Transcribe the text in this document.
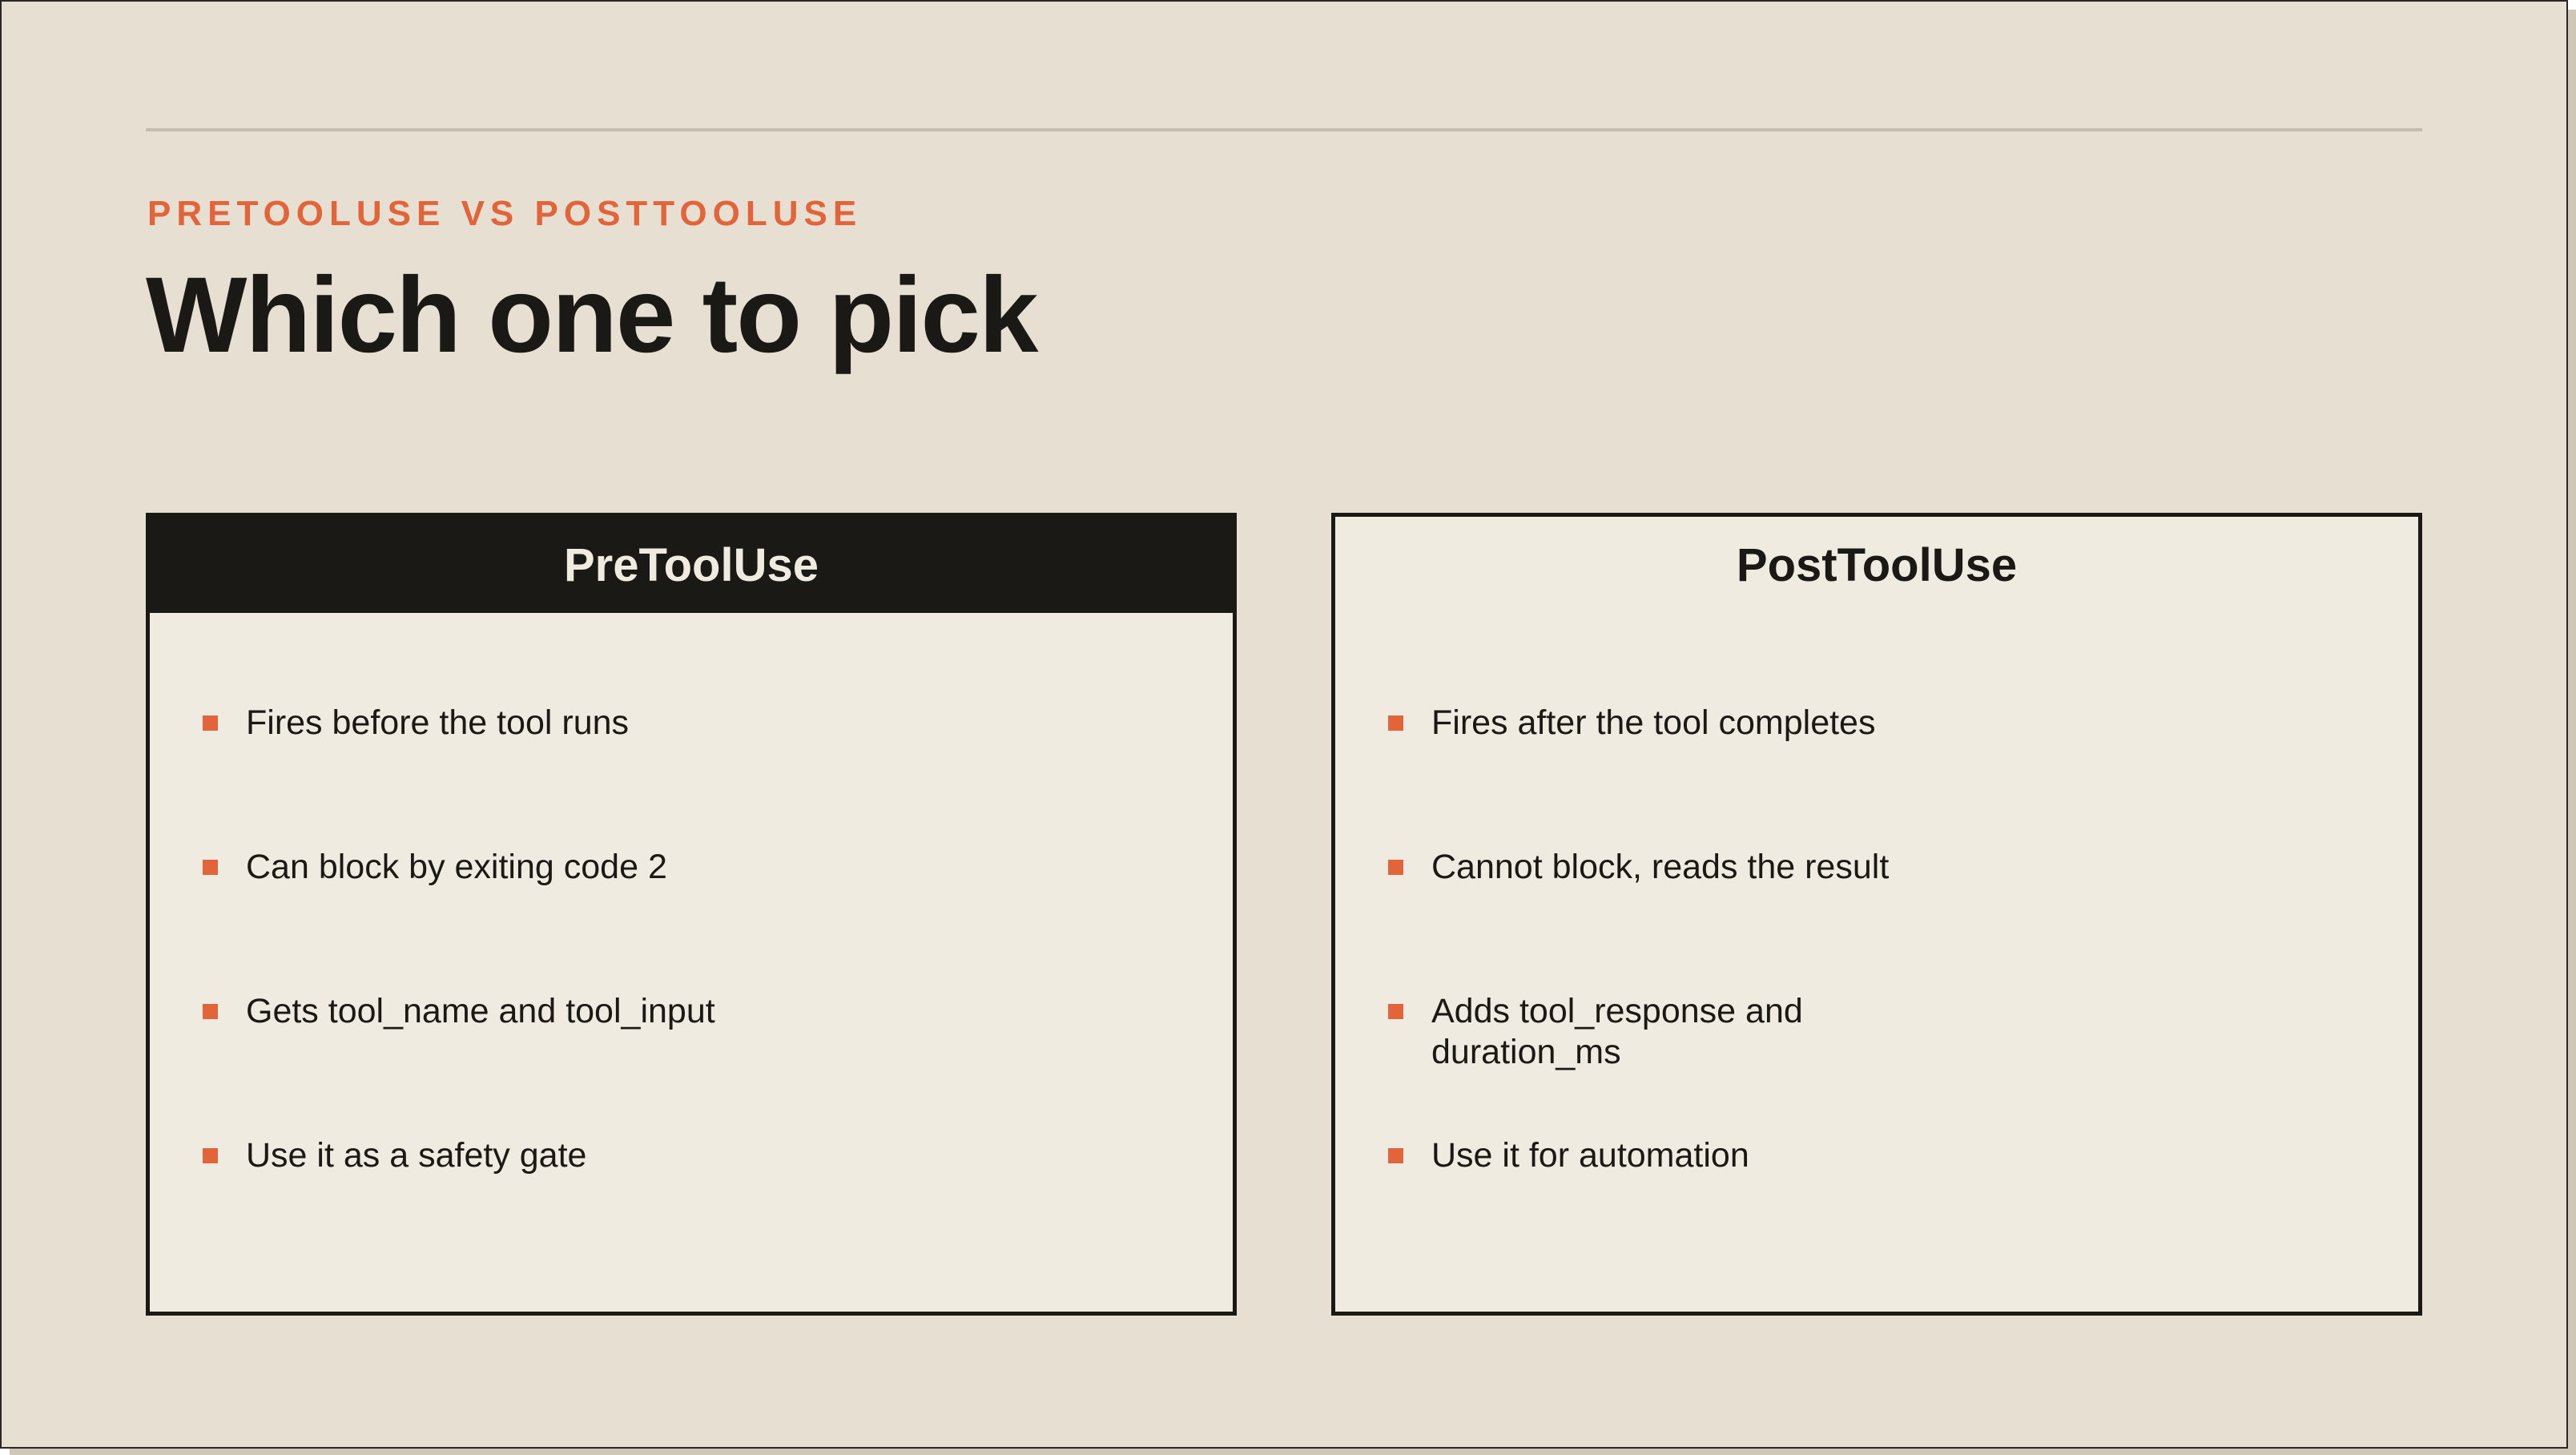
PRETOOLUSE VS POSTTOOLUSE
Which one to pick
PreToolUse
Fires before the tool runs
Can block by exiting code 2
Gets tool_name and tool_input
Use it as a safety gate
PostToolUse
Fires after the tool completes
Cannot block, reads the result
Adds tool_response and duration_ms
Use it for automation
